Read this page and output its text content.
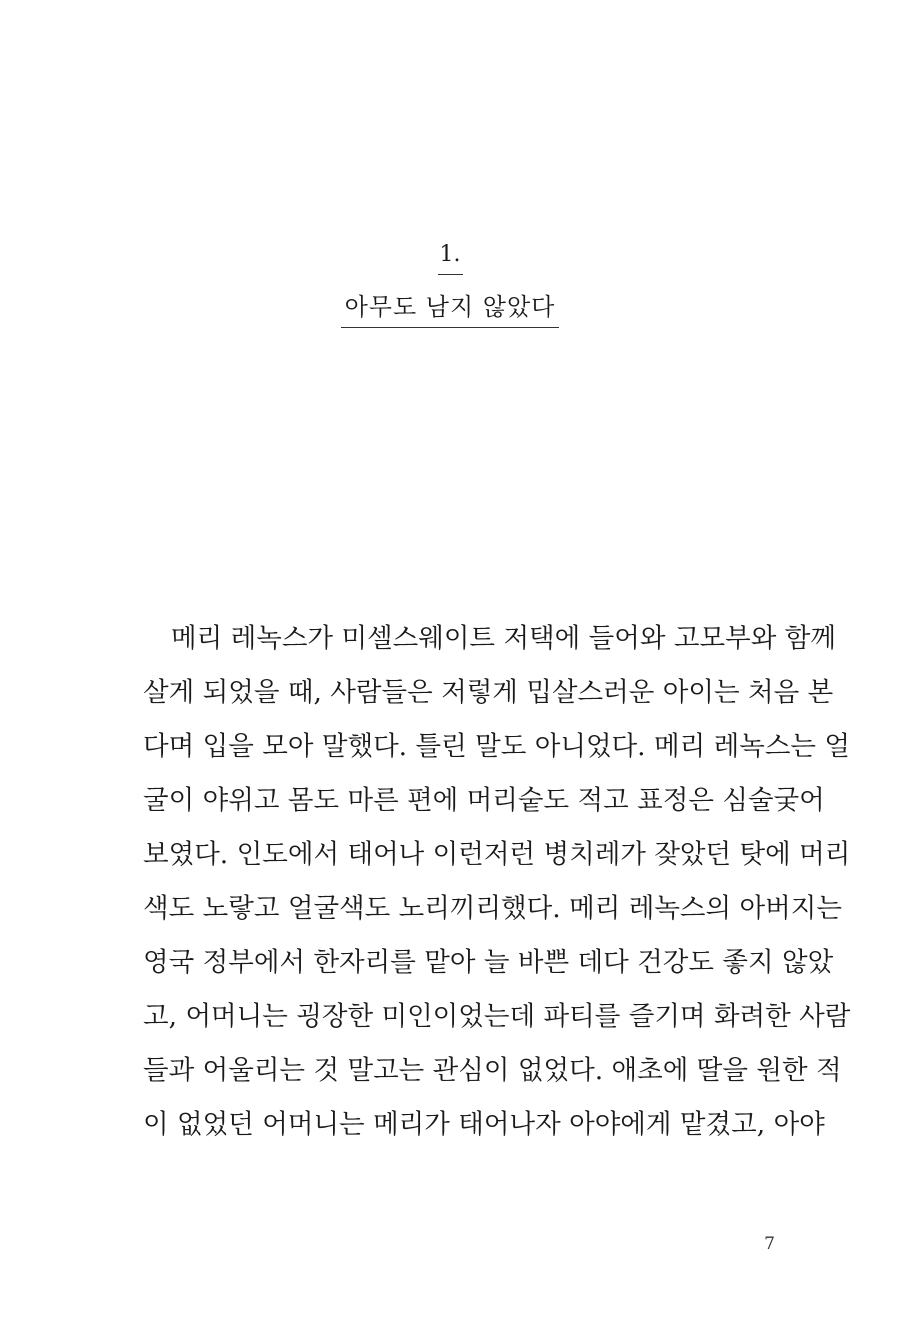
1.
아무도 남지 않았다
메리 레녹스가 미셀스웨이트 저택에 들어와 고모부와 함께
살게 되었을 때, 사람들은 저렇게 밉살스러운 아이는 처음 본
다며 입을 모아 말했다. 틀린 말도 아니었다. 메리 레녹스는 얼
굴이 야위고 몸도 마른 편에 머리숱도 적고 표정은 심술궂어
보였다. 인도에서 태어나 이런저런 병치레가 잦았던 탓에 머리
색도 노랗고 얼굴색도 노리끼리했다. 메리 레녹스의 아버지는
영국 정부에서 한자리를 맡아 늘 바쁜 데다 건강도 좋지 않았
고, 어머니는 굉장한 미인이었는데 파티를 즐기며 화려한 사람
들과 어울리는 것 말고는 관심이 없었다. 애초에 딸을 원한 적
이 없었던 어머니는 메리가 태어나자 아야에게 맡겼고, 아야
7
